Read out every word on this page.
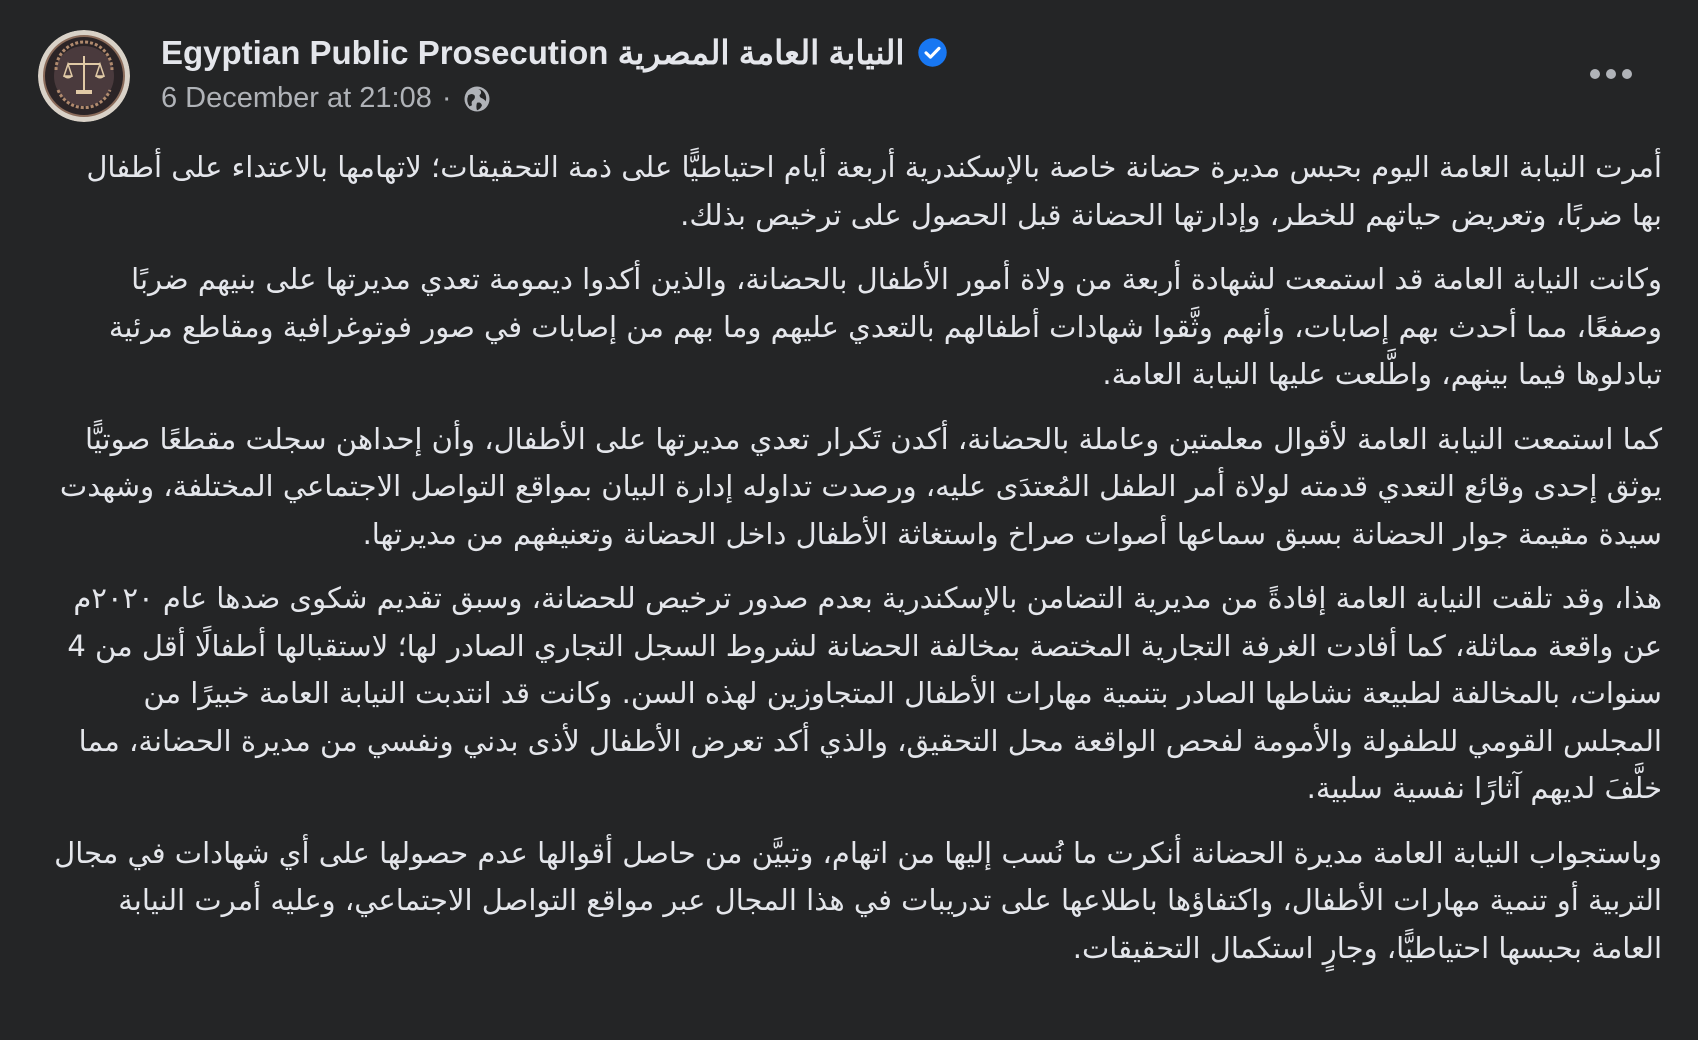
Egyptian Public Prosecution النيابة العامة المصرية
6 December at 21:08 ·

أمرت النيابة العامة اليوم بحبس مديرة حضانة خاصة بالإسكندرية أربعة أيام احتياطيًّا على ذمة التحقيقات؛ لاتهامها بالاعتداء على أطفال بها ضربًا، وتعريض حياتهم للخطر، وإدارتها الحضانة قبل الحصول على ترخيص بذلك.

وكانت النيابة العامة قد استمعت لشهادة أربعة من ولاة أمور الأطفال بالحضانة، والذين أكدوا ديمومة تعدي مديرتها على بنيهم ضربًا وصفعًا، مما أحدث بهم إصابات، وأنهم وثَّقوا شهادات أطفالهم بالتعدي عليهم وما بهم من إصابات في صور فوتوغرافية ومقاطع مرئية تبادلوها فيما بينهم، واطَّلعت عليها النيابة العامة.

كما استمعت النيابة العامة لأقوال معلمتين وعاملة بالحضانة، أكدن تَكرار تعدي مديرتها على الأطفال، وأن إحداهن سجلت مقطعًا صوتيًّا يوثق إحدى وقائع التعدي قدمته لولاة أمر الطفل المُعتدَى عليه، ورصدت تداوله إدارة البيان بمواقع التواصل الاجتماعي المختلفة، وشهدت سيدة مقيمة جوار الحضانة بسبق سماعها أصوات صراخ واستغاثة الأطفال داخل الحضانة وتعنيفهم من مديرتها.

هذا، وقد تلقت النيابة العامة إفادةً من مديرية التضامن بالإسكندرية بعدم صدور ترخيص للحضانة، وسبق تقديم شكوى ضدها عام ٢٠٢٠م عن واقعة مماثلة، كما أفادت الغرفة التجارية المختصة بمخالفة الحضانة لشروط السجل التجاري الصادر لها؛ لاستقبالها أطفالًا أقل من 4 سنوات، بالمخالفة لطبيعة نشاطها الصادر بتنمية مهارات الأطفال المتجاوزين لهذه السن. وكانت قد انتدبت النيابة العامة خبيرًا من المجلس القومي للطفولة والأمومة لفحص الواقعة محل التحقيق، والذي أكد تعرض الأطفال لأذى بدني ونفسي من مديرة الحضانة، مما خلَّفَ لديهم آثارًا نفسية سلبية.

وباستجواب النيابة العامة مديرة الحضانة أنكرت ما نُسب إليها من اتهام، وتبيَّن من حاصل أقوالها عدم حصولها على أي شهادات في مجال التربية أو تنمية مهارات الأطفال، واكتفاؤها باطلاعها على تدريبات في هذا المجال عبر مواقع التواصل الاجتماعي، وعليه أمرت النيابة العامة بحبسها احتياطيًّا، وجارٍ استكمال التحقيقات.
